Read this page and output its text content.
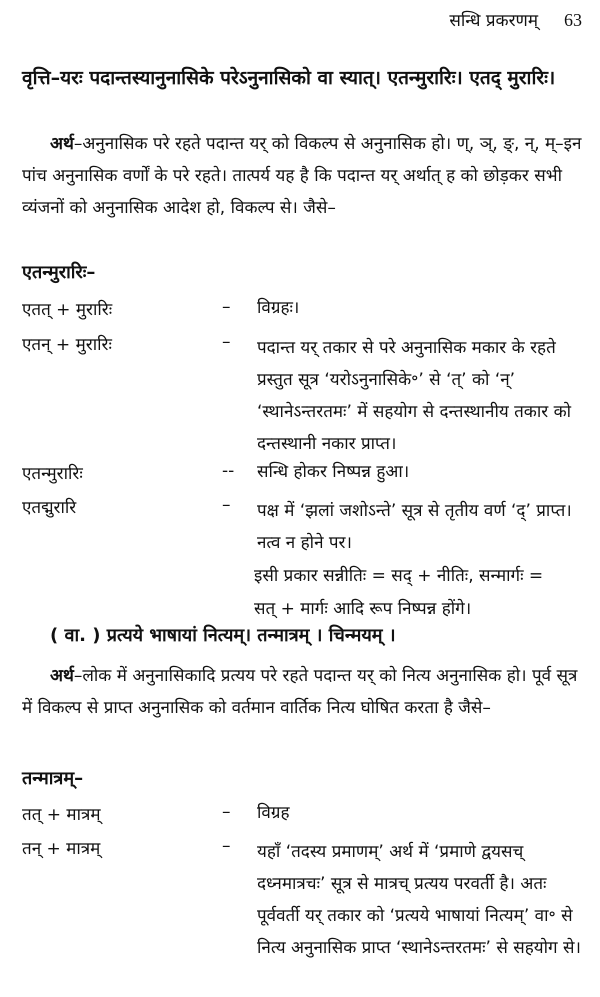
सन्धि प्रकरणम् 63
वृत्ति–यरः पदान्तस्यानुनासिके परेऽनुनासिको वा स्यात्। एतन्मुरारिः। एतद् मुरारिः।
अर्थ–अनुनासिक परे रहते पदान्त यर् को विकल्प से अनुनासिक हो। ण्, ञ्, ङ्, न्, म्–इन पांच अनुनासिक वर्णों के परे रहते। तात्पर्य यह है कि पदान्त यर् अर्थात् ह को छोड़कर सभी व्यंजनों को अनुनासिक आदेश हो, विकल्प से। जैसे–
एतन्मुरारिः–
एतत् + मुरारिः	– विग्रहः।
एतन् + मुरारिः	– पदान्त यर् तकार से परे अनुनासिक मकार के रहते प्रस्तुत सूत्र ‘यरोऽनुनासिके॰’ से ‘त्’ को ‘न्’ ‘स्थानेऽन्तरतमः’ में सहयोग से दन्तस्थानीय तकार को दन्तस्थानी नकार प्राप्त।
एतन्मुरारिः	-- सन्धि होकर निष्पन्न हुआ।
एतद्मुरारि	– पक्ष में ‘झलां जशोऽन्ते’ सूत्र से तृतीय वर्ण ‘द्’ प्राप्त। नत्व न होने पर।
इसी प्रकार सन्नीतिः = सद् + नीतिः, सन्मार्गः = सत् + मार्गः आदि रूप निष्पन्न होंगे।
( वा. ) प्रत्यये भाषायां नित्यम्। तन्मात्रम् । चिन्मयम् ।
अर्थ–लोक में अनुनासिकादि प्रत्यय परे रहते पदान्त यर् को नित्य अनुनासिक हो। पूर्व सूत्र में विकल्प से प्राप्त अनुनासिक को वर्तमान वार्तिक नित्य घोषित करता है जैसे–
तन्मात्रम्–
तत् + मात्रम्	– विग्रह
तन् + मात्रम्	– यहाँ ‘तदस्य प्रमाणम्’ अर्थ में ‘प्रमाणे द्वयसच् दध्नमात्रचः’ सूत्र से मात्रच् प्रत्यय परवर्ती है। अतः पूर्ववर्ती यर् तकार को ‘प्रत्यये भाषायां नित्यम्’ वा॰ से नित्य अनुनासिक प्राप्त ‘स्थानेऽन्तरतमः’ से सहयोग से।
